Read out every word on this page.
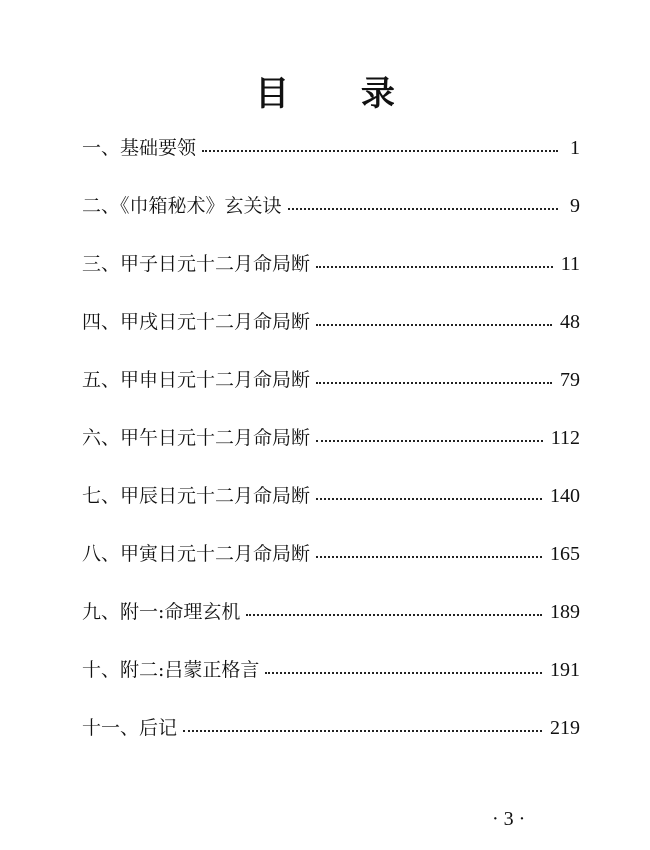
目 录
一、基础要领	1
二、《巾箱秘术》玄关诀	9
三、甲子日元十二月命局断	11
四、甲戌日元十二月命局断	48
五、甲申日元十二月命局断	79
六、甲午日元十二月命局断	112
七、甲辰日元十二月命局断	140
八、甲寅日元十二月命局断	165
九、附一:命理玄机	189
十、附二:吕蒙正格言	191
十一、后记	219
· 3 ·
